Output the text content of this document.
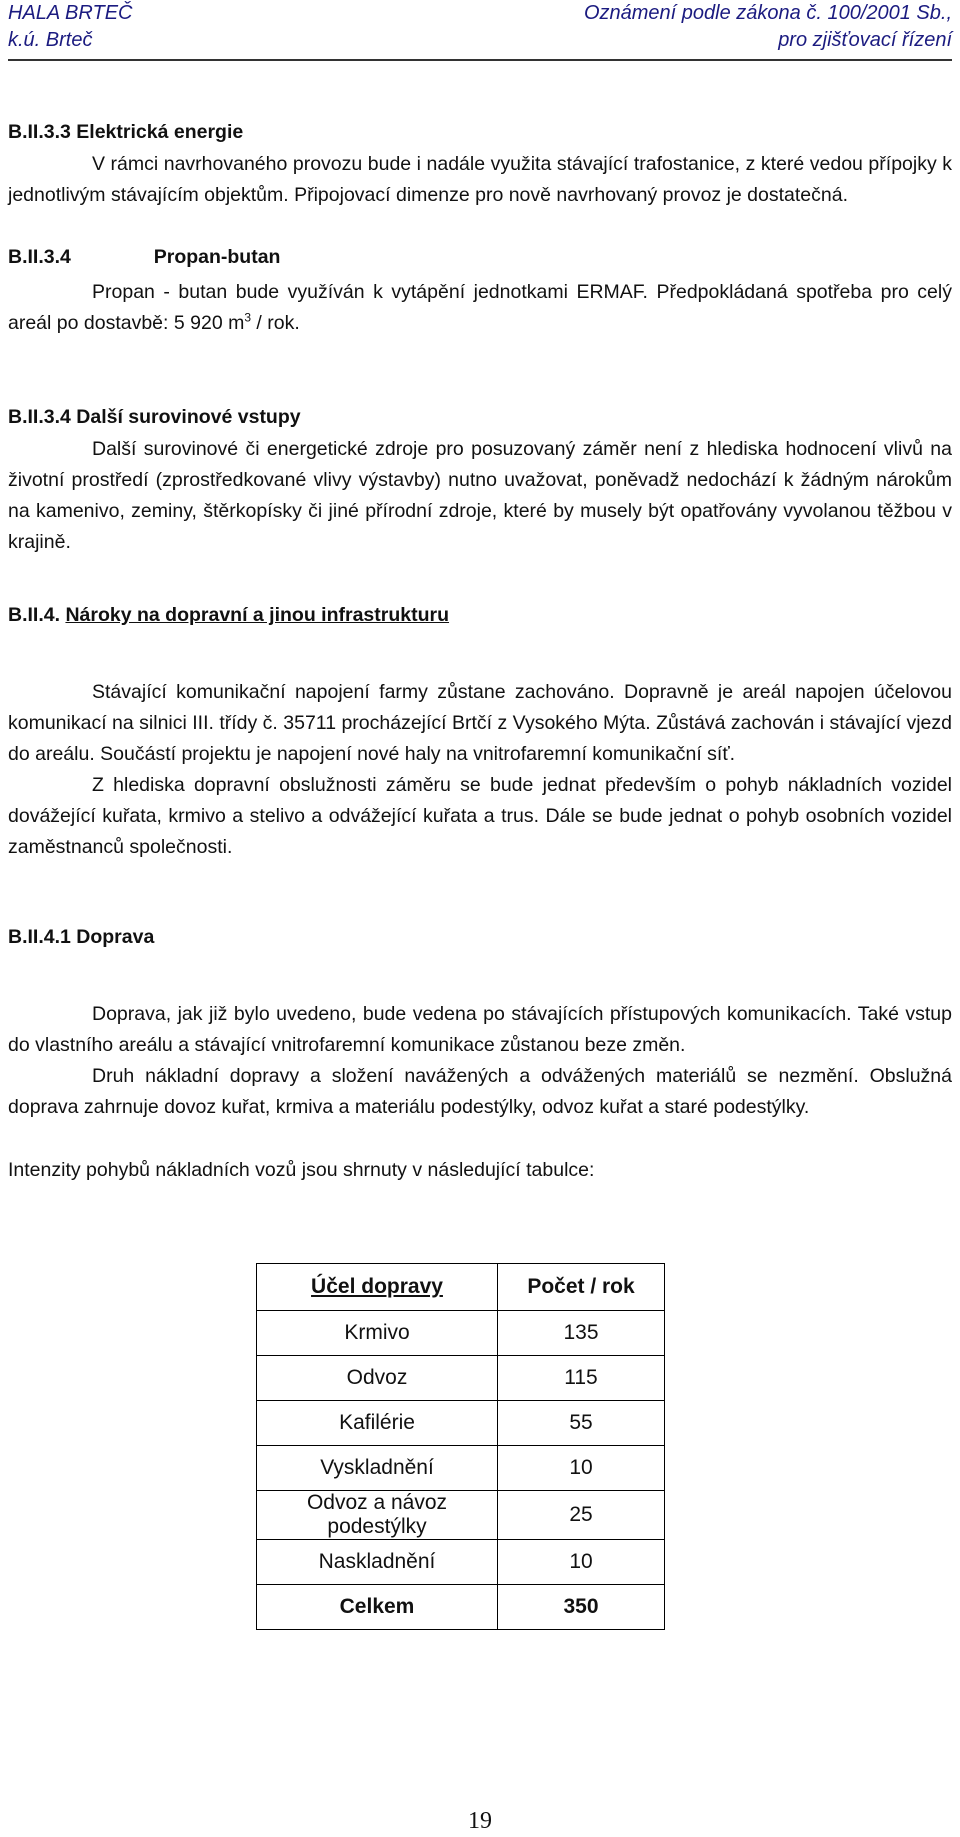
HALA BRTEČ
k.ú. Brteč
Oznámení podle zákona č. 100/2001 Sb.,
pro zjišťovací řízení

B.II.3.3 Elektrická energie

V rámci navrhovaného provozu bude i nadále využita stávající trafostanice, z které vedou přípojky k jednotlivým stávajícím objektům. Připojovací dimenze pro nově navrhovaný provoz je dostatečná.

B.II.3.4	Propan-butan

Propan - butan bude využíván k vytápění jednotkami ERMAF. Předpokládaná spotřeba pro celý areál po dostavbě: 5 920 $m^3$ / rok.

B.II.3.4 Další surovinové vstupy

Další surovinové či energetické zdroje pro posuzovaný záměr není z hlediska hodnocení vlivů na životní prostředí (zprostředkované vlivy výstavby) nutno uvažovat, poněvadž nedochází k žádným nárokům na kamenivo, zeminy, štěrkopísky či jiné přírodní zdroje, které by musely být opatřovány vyvolanou těžbou v krajině.

B.II.4. Nároky na dopravní a jinou infrastrukturu

Stávající komunikační napojení farmy zůstane zachováno. Dopravně je areál napojen účelovou komunikací na silnici III. třídy č. 35711 procházející Brtčí z Vysokého Mýta. Zůstává zachován i stávající vjezd do areálu. Součástí projektu je napojení nové haly na vnitrofaremní komunikační síť.

Z hlediska dopravní obslužnosti záměru se bude jednat především o pohyb nákladních vozidel dovážející kuřata, krmivo a stelivo a odvážející kuřata a trus. Dále se bude jednat o pohyb osobních vozidel zaměstnanců společnosti.

B.II.4.1 Doprava

Doprava, jak již bylo uvedeno, bude vedena po stávajících přístupových komunikacích. Také vstup do vlastního areálu a stávající vnitrofaremní komunikace zůstanou beze změn.

Druh nákladní dopravy a složení navážených a odvážených materiálů se nezmění. Obslužná doprava zahrnuje dovoz kuřat, krmiva a materiálu podestýlky, odvoz kuřat a staré podestýlky.

Intenzity pohybů nákladních vozů jsou shrnuty v následující tabulce:

Účel dopravy	Počet / rok
Krmivo	135
Odvoz	115
Kafilérie	55
Vyskladnění	10
Odvoz a návoz podestýlky	25
Naskladnění	10
Celkem	350
19
